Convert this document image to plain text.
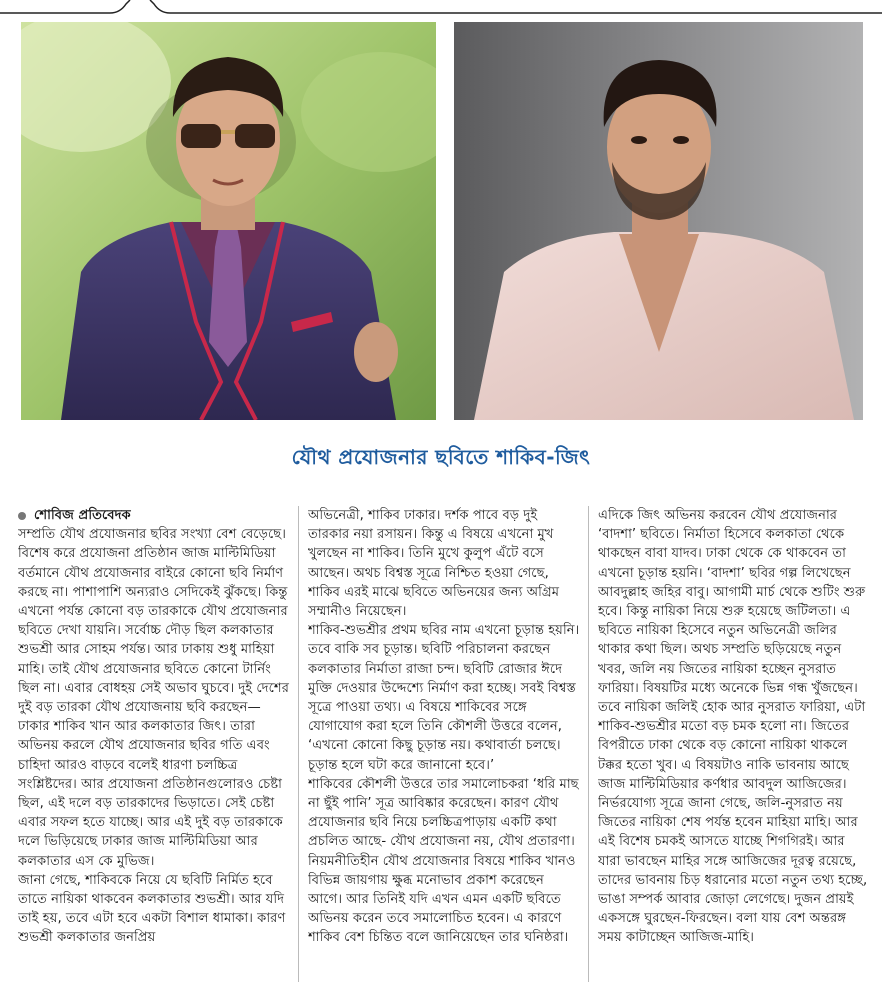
যৌথ প্রযোজনার ছবিতে শাকিব-জিৎ

শোবিজ প্রতিবেদক

সম্প্রতি যৌথ প্রযোজনার ছবির সংখ্যা বেশ বেড়েছে। বিশেষ করে প্রযোজনা প্রতিষ্ঠান জাজ মাল্টিমিডিয়া বর্তমানে যৌথ প্রযোজনার বাইরে কোনো ছবি নির্মাণ করছে না। পাশাপাশি অন্যরাও সেদিকেই ঝুঁকছে। কিন্তু এখনো পর্যন্ত কোনো বড় তারকাকে যৌথ প্রযোজনার ছবিতে দেখা যায়নি। সর্বোচ্চ দৌড় ছিল কলকাতার শুভশ্রী আর সোহম পর্যন্ত। আর ঢাকায় শুধু মাহিয়া মাহি। তাই যৌথ প্রযোজনার ছবিতে কোনো টার্নিং ছিল না। এবার বোধহয় সেই অভাব ঘুচবে। দুই দেশের দুই বড় তারকা যৌথ প্রযোজনায় ছবি করছেন— ঢাকার শাকিব খান আর কলকাতার জিৎ। তারা অভিনয় করলে যৌথ প্রযোজনার ছবির গতি এবং চাহিদা আরও বাড়বে বলেই ধারণা চলচ্চিত্র সংশ্লিষ্টদের। আর প্রযোজনা প্রতিষ্ঠানগুলোরও চেষ্টা ছিল, এই দলে বড় তারকাদের ভিড়াতে। সেই চেষ্টা এবার সফল হতে যাচ্ছে। আর এই দুই বড় তারকাকে দলে ভিড়িয়েছে ঢাকার জাজ মাল্টিমিডিয়া আর কলকাতার এস কে মুভিজ।

জানা গেছে, শাকিবকে নিয়ে যে ছবিটি নির্মিত হবে তাতে নায়িকা থাকবেন কলকাতার শুভশ্রী। আর যদি তাই হয়, তবে এটা হবে একটা বিশাল ধামাকা। কারণ শুভশ্রী কলকাতার জনপ্রিয়

অভিনেত্রী, শাকিব ঢাকার। দর্শক পাবে বড় দুই তারকার নয়া রসায়ন। কিন্তু এ বিষয়ে এখনো মুখ খুলছেন না শাকিব। তিনি মুখে কুলুপ এঁটে বসে আছেন। অথচ বিশ্বস্ত সূত্রে নিশ্চিত হওয়া গেছে, শাকিব এরই মাঝে ছবিতে অভিনয়ের জন্য অগ্রিম সম্মানীও নিয়েছেন।

শাকিব-শুভশ্রীর প্রথম ছবির নাম এখনো চূড়ান্ত হয়নি। তবে বাকি সব চূড়ান্ত। ছবিটি পরিচালনা করছেন কলকাতার নির্মাতা রাজা চন্দ। ছবিটি রোজার ঈদে মুক্তি দেওয়ার উদ্দেশ্যে নির্মাণ করা হচ্ছে। সবই বিশ্বস্ত সূত্রে পাওয়া তথ্য। এ বিষয়ে শাকিবের সঙ্গে যোগাযোগ করা হলে তিনি কৌশলী উত্তরে বলেন, ‘এখনো কোনো কিছু চূড়ান্ত নয়। কথাবার্তা চলছে। চূড়ান্ত হলে ঘটা করে জানানো হবে।’

শাকিবের কৌশলী উত্তরে তার সমালোচকরা ‘ধরি মাছ না ছুঁই পানি’ সূত্র আবিষ্কার করেছেন। কারণ যৌথ প্রযোজনার ছবি নিয়ে চলচ্চিত্রপাড়ায় একটি কথা প্রচলিত আছে- যৌথ প্রযোজনা নয়, যৌথ প্রতারণা। নিয়মনীতিহীন যৌথ প্রযোজনার বিষয়ে শাকিব খানও বিভিন্ন জায়গায় ক্ষুব্ধ মনোভাব প্রকাশ করেছেন আগে। আর তিনিই যদি এখন এমন একটি ছবিতে অভিনয় করেন তবে সমালোচিত হবেন। এ কারণে শাকিব বেশ চিন্তিত বলে জানিয়েছেন তার ঘনিষ্ঠরা।

এদিকে জিৎ অভিনয় করবেন যৌথ প্রযোজনার ‘বাদশা’ ছবিতে। নির্মাতা হিসেবে কলকাতা থেকে থাকছেন বাবা যাদব। ঢাকা থেকে কে থাকবেন তা এখনো চূড়ান্ত হয়নি। ‘বাদশা’ ছবির গল্প লিখেছেন আবদুল্লাহ জহির বাবু। আগামী মার্চ থেকে শুটিং শুরু হবে। কিন্তু নায়িকা নিয়ে শুরু হয়েছে জটিলতা। এ ছবিতে নায়িকা হিসেবে নতুন অভিনেত্রী জলির থাকার কথা ছিল। অথচ সম্প্রতি ছড়িয়েছে নতুন খবর, জলি নয় জিতের নায়িকা হচ্ছেন নুসরাত ফারিয়া। বিষয়টির মধ্যে অনেকে ভিন্ন গন্ধ খুঁজছেন। তবে নায়িকা জলিই হোক আর নুসরাত ফারিয়া, এটা শাকিব-শুভশ্রীর মতো বড় চমক হলো না। জিতের বিপরীতে ঢাকা থেকে বড় কোনো নায়িকা থাকলে টক্কর হতো খুব। এ বিষয়টাও নাকি ভাবনায় আছে জাজ মাল্টিমিডিয়ার কর্ণধার আবদুল আজিজের। নির্ভরযোগ্য সূত্রে জানা গেছে, জলি-নুসরাত নয় জিতের নায়িকা শেষ পর্যন্ত হবেন মাহিয়া মাহি। আর এই বিশেষ চমকই আসতে যাচ্ছে শিগগিরই। আর যারা ভাবছেন মাহির সঙ্গে আজিজের দূরত্ব রয়েছে, তাদের ভাবনায় চিড় ধরানোর মতো নতুন তথ্য হচ্ছে, ভাঙা সম্পর্ক আবার জোড়া লেগেছে। দুজন প্রায়ই একসঙ্গে ঘুরছেন-ফিরছেন। বলা যায় বেশ অন্তরঙ্গ সময় কাটাচ্ছেন আজিজ-মাহি।
